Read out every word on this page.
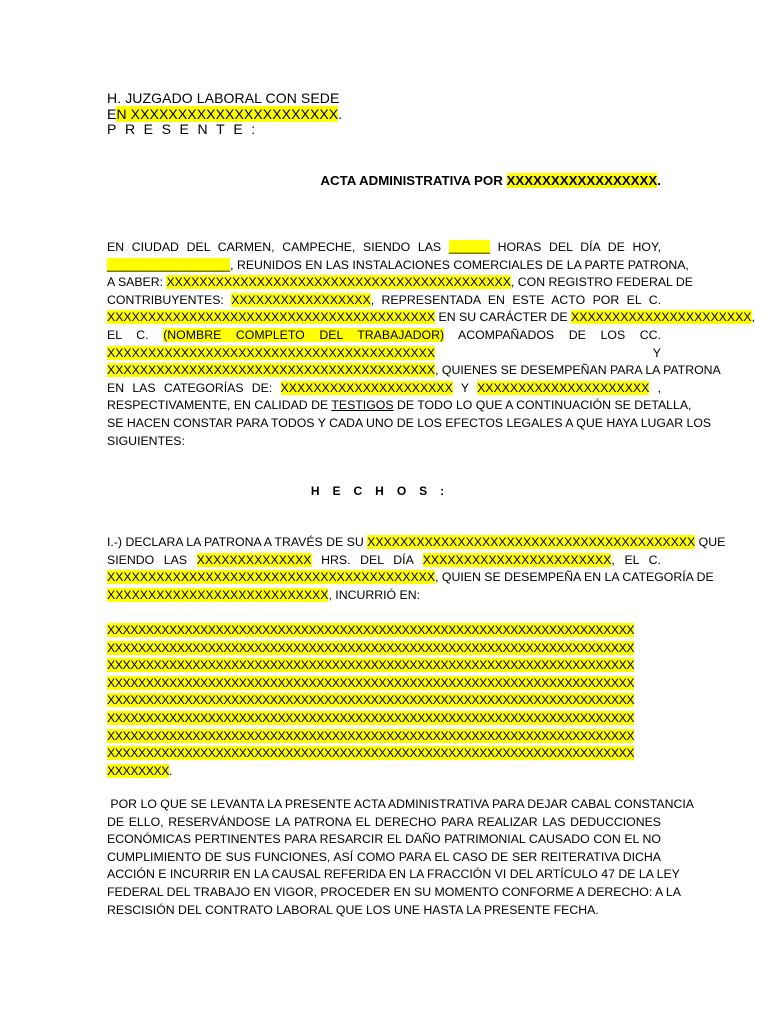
H. JUZGADO LABORAL CON SEDE
EN XXXXXXXXXXXXXXXXXXXXXX.
PRESENTE:
ACTA ADMINISTRATIVA POR XXXXXXXXXXXXXXXXX.
EN CIUDAD DEL CARMEN, CAMPECHE, SIENDO LAS ______ HORAS DEL DÍA DE HOY,
__________________, REUNIDOS EN LAS INSTALACIONES COMERCIALES DE LA PARTE PATRONA,
A SABER: XXXXXXXXXXXXXXXXXXXXXXXXXXXXXXXXXXXXXXXXXX, CON REGISTRO FEDERAL DE
CONTRIBUYENTES: XXXXXXXXXXXXXXXXX, REPRESENTADA EN ESTE ACTO POR EL C.
XXXXXXXXXXXXXXXXXXXXXXXXXXXXXXXXXXXXXXXX EN SU CARÁCTER DE XXXXXXXXXXXXXXXXXXXXXX,
EL C. (NOMBRE COMPLETO DEL TRABAJADOR) ACOMPAÑADOS DE LOS CC.
XXXXXXXXXXXXXXXXXXXXXXXXXXXXXXXXXXXXXXXX	Y
XXXXXXXXXXXXXXXXXXXXXXXXXXXXXXXXXXXXXXXX, QUIENES SE DESEMPEÑAN PARA LA PATRONA
EN LAS CATEGORÍAS DE: XXXXXXXXXXXXXXXXXXXXX Y XXXXXXXXXXXXXXXXXXXXX ,
RESPECTIVAMENTE, EN CALIDAD DE TESTIGOS DE TODO LO QUE A CONTINUACIÓN SE DETALLA,
SE HACEN CONSTAR PARA TODOS Y CADA UNO DE LOS EFECTOS LEGALES A QUE HAYA LUGAR LOS
SIGUIENTES:
HECHOS:
I.-) DECLARA LA PATRONA A TRAVÉS DE SU XXXXXXXXXXXXXXXXXXXXXXXXXXXXXXXXXXXXXXXX QUE
SIENDO LAS XXXXXXXXXXXXXX HRS. DEL DÍA XXXXXXXXXXXXXXXXXXXXXXX, EL C.
XXXXXXXXXXXXXXXXXXXXXXXXXXXXXXXXXXXXXXXX, QUIEN SE DESEMPEÑA EN LA CATEGORÍA DE
XXXXXXXXXXXXXXXXXXXXXXXXXXX, INCURRIÓ EN:
XXXXXXXXXXXXXXXXXXXXXXXXXXXXXXXXXXXXXXXXXXXXXXXXXXXXXXXXXXXXXXXXXXXX
XXXXXXXXXXXXXXXXXXXXXXXXXXXXXXXXXXXXXXXXXXXXXXXXXXXXXXXXXXXXXXXXXXXX
XXXXXXXXXXXXXXXXXXXXXXXXXXXXXXXXXXXXXXXXXXXXXXXXXXXXXXXXXXXXXXXXXXXX
XXXXXXXXXXXXXXXXXXXXXXXXXXXXXXXXXXXXXXXXXXXXXXXXXXXXXXXXXXXXXXXXXXXX
XXXXXXXXXXXXXXXXXXXXXXXXXXXXXXXXXXXXXXXXXXXXXXXXXXXXXXXXXXXXXXXXXXXX
XXXXXXXXXXXXXXXXXXXXXXXXXXXXXXXXXXXXXXXXXXXXXXXXXXXXXXXXXXXXXXXXXXXX
XXXXXXXXXXXXXXXXXXXXXXXXXXXXXXXXXXXXXXXXXXXXXXXXXXXXXXXXXXXXXXXXXXXX
XXXXXXXXXXXXXXXXXXXXXXXXXXXXXXXXXXXXXXXXXXXXXXXXXXXXXXXXXXXXXXXXXXXX
XXXXXXXX.
POR LO QUE SE LEVANTA LA PRESENTE ACTA ADMINISTRATIVA PARA DEJAR CABAL CONSTANCIA
DE ELLO, RESERVÁNDOSE LA PATRONA EL DERECHO PARA REALIZAR LAS DEDUCCIONES
ECONÓMICAS PERTINENTES PARA RESARCIR EL DAÑO PATRIMONIAL CAUSADO CON EL NO
CUMPLIMIENTO DE SUS FUNCIONES, ASÍ COMO PARA EL CASO DE SER REITERATIVA DICHA
ACCIÓN E INCURRIR EN LA CAUSAL REFERIDA EN LA FRACCIÓN VI DEL ARTÍCULO 47 DE LA LEY
FEDERAL DEL TRABAJO EN VIGOR, PROCEDER EN SU MOMENTO CONFORME A DERECHO: A LA
RESCISIÓN DEL CONTRATO LABORAL QUE LOS UNE HASTA LA PRESENTE FECHA.
